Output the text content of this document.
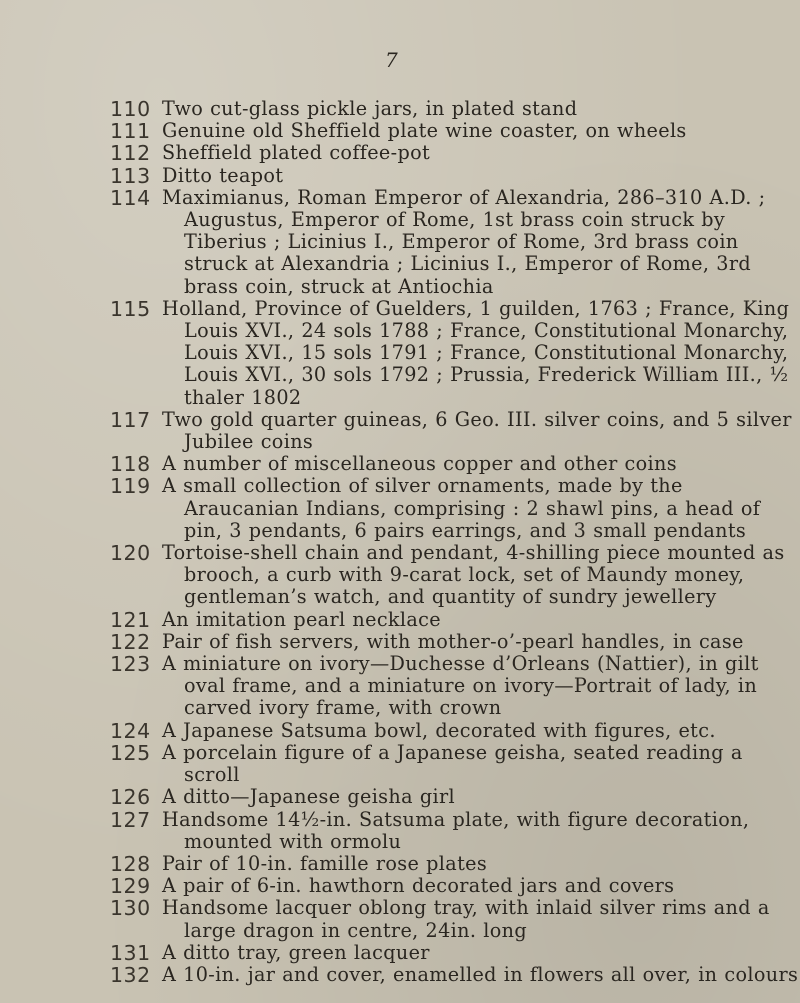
7

110 Two cut-glass pickle jars, in plated stand
111 Genuine old Sheffield plate wine coaster, on wheels
112 Sheffield plated coffee-pot
113 Ditto teapot
114 Maximianus, Roman Emperor of Alexandria, 286–310 A.D. ; Augustus, Emperor of Rome, 1st brass coin struck by Tiberius ; Licinius I., Emperor of Rome, 3rd brass coin struck at Alexandria ; Licinius I., Emperor of Rome, 3rd brass coin, struck at Antiochia
115 Holland, Province of Guelders, 1 guilden, 1763 ; France, King Louis XVI., 24 sols 1788 ; France, Constitutional Monarchy, Louis XVI., 15 sols 1791 ; France, Constitutional Monarchy, Louis XVI., 30 sols 1792 ; Prussia, Frederick William III., ½ thaler 1802
117 Two gold quarter guineas, 6 Geo. III. silver coins, and 5 silver Jubilee coins
118 A number of miscellaneous copper and other coins
119 A small collection of silver ornaments, made by the Araucanian Indians, comprising : 2 shawl pins, a head of pin, 3 pendants, 6 pairs earrings, and 3 small pendants
120 Tortoise-shell chain and pendant, 4-shilling piece mounted as brooch, a curb with 9-carat lock, set of Maundy money, gentleman’s watch, and quantity of sundry jewellery
121 An imitation pearl necklace
122 Pair of fish servers, with mother-o’-pearl handles, in case
123 A miniature on ivory—Duchesse d’Orleans (Nattier), in gilt oval frame, and a miniature on ivory—Portrait of lady, in carved ivory frame, with crown
124 A Japanese Satsuma bowl, decorated with figures, etc.
125 A porcelain figure of a Japanese geisha, seated reading a scroll
126 A ditto—Japanese geisha girl
127 Handsome 14½-in. Satsuma plate, with figure decoration, mounted with ormolu
128 Pair of 10-in. famille rose plates
129 A pair of 6-in. hawthorn decorated jars and covers
130 Handsome lacquer oblong tray, with inlaid silver rims and a large dragon in centre, 24in. long
131 A ditto tray, green lacquer
132 A 10-in. jar and cover, enamelled in flowers all over, in colours
